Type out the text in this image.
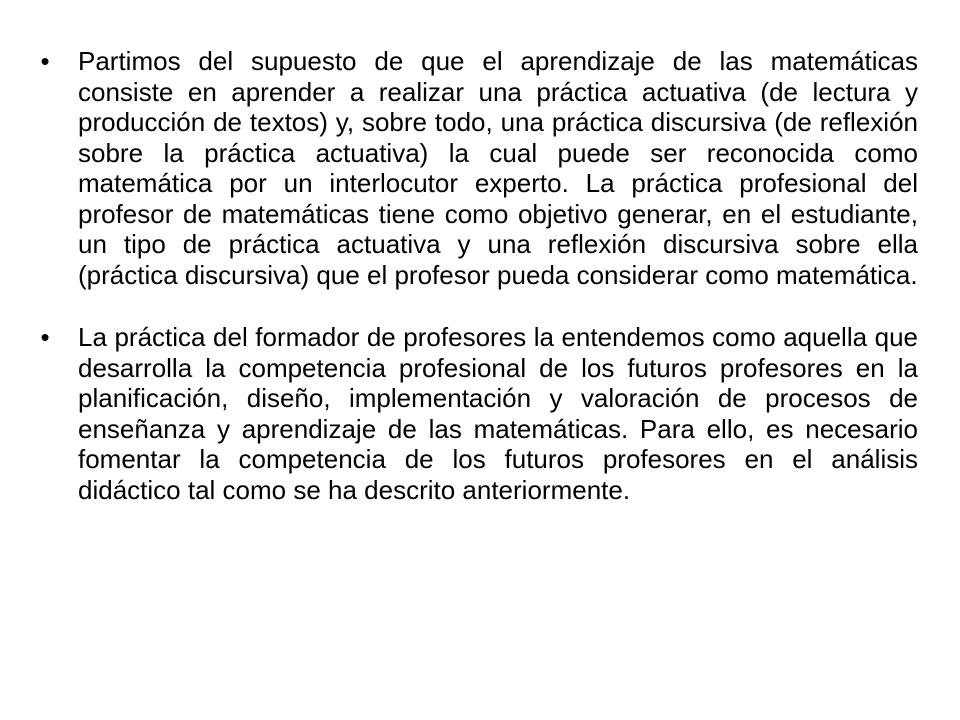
•	Partimos del supuesto de que el aprendizaje de las matemáticas consiste en aprender a realizar una práctica actuativa (de lectura y producción de textos) y, sobre todo, una práctica discursiva (de reflexión sobre la práctica actuativa) la cual puede ser reconocida como matemática por un interlocutor experto. La práctica profesional del profesor de matemáticas tiene como objetivo generar, en el estudiante, un tipo de práctica actuativa y una reflexión discursiva sobre ella (práctica discursiva) que el profesor pueda considerar como matemática.
•	La práctica del formador de profesores la entendemos como aquella que desarrolla la competencia profesional de los futuros profesores en la planificación, diseño, implementación y valoración de procesos de enseñanza y aprendizaje de las matemáticas. Para ello, es necesario fomentar la competencia de los futuros profesores en el análisis didáctico tal como se ha descrito anteriormente.
